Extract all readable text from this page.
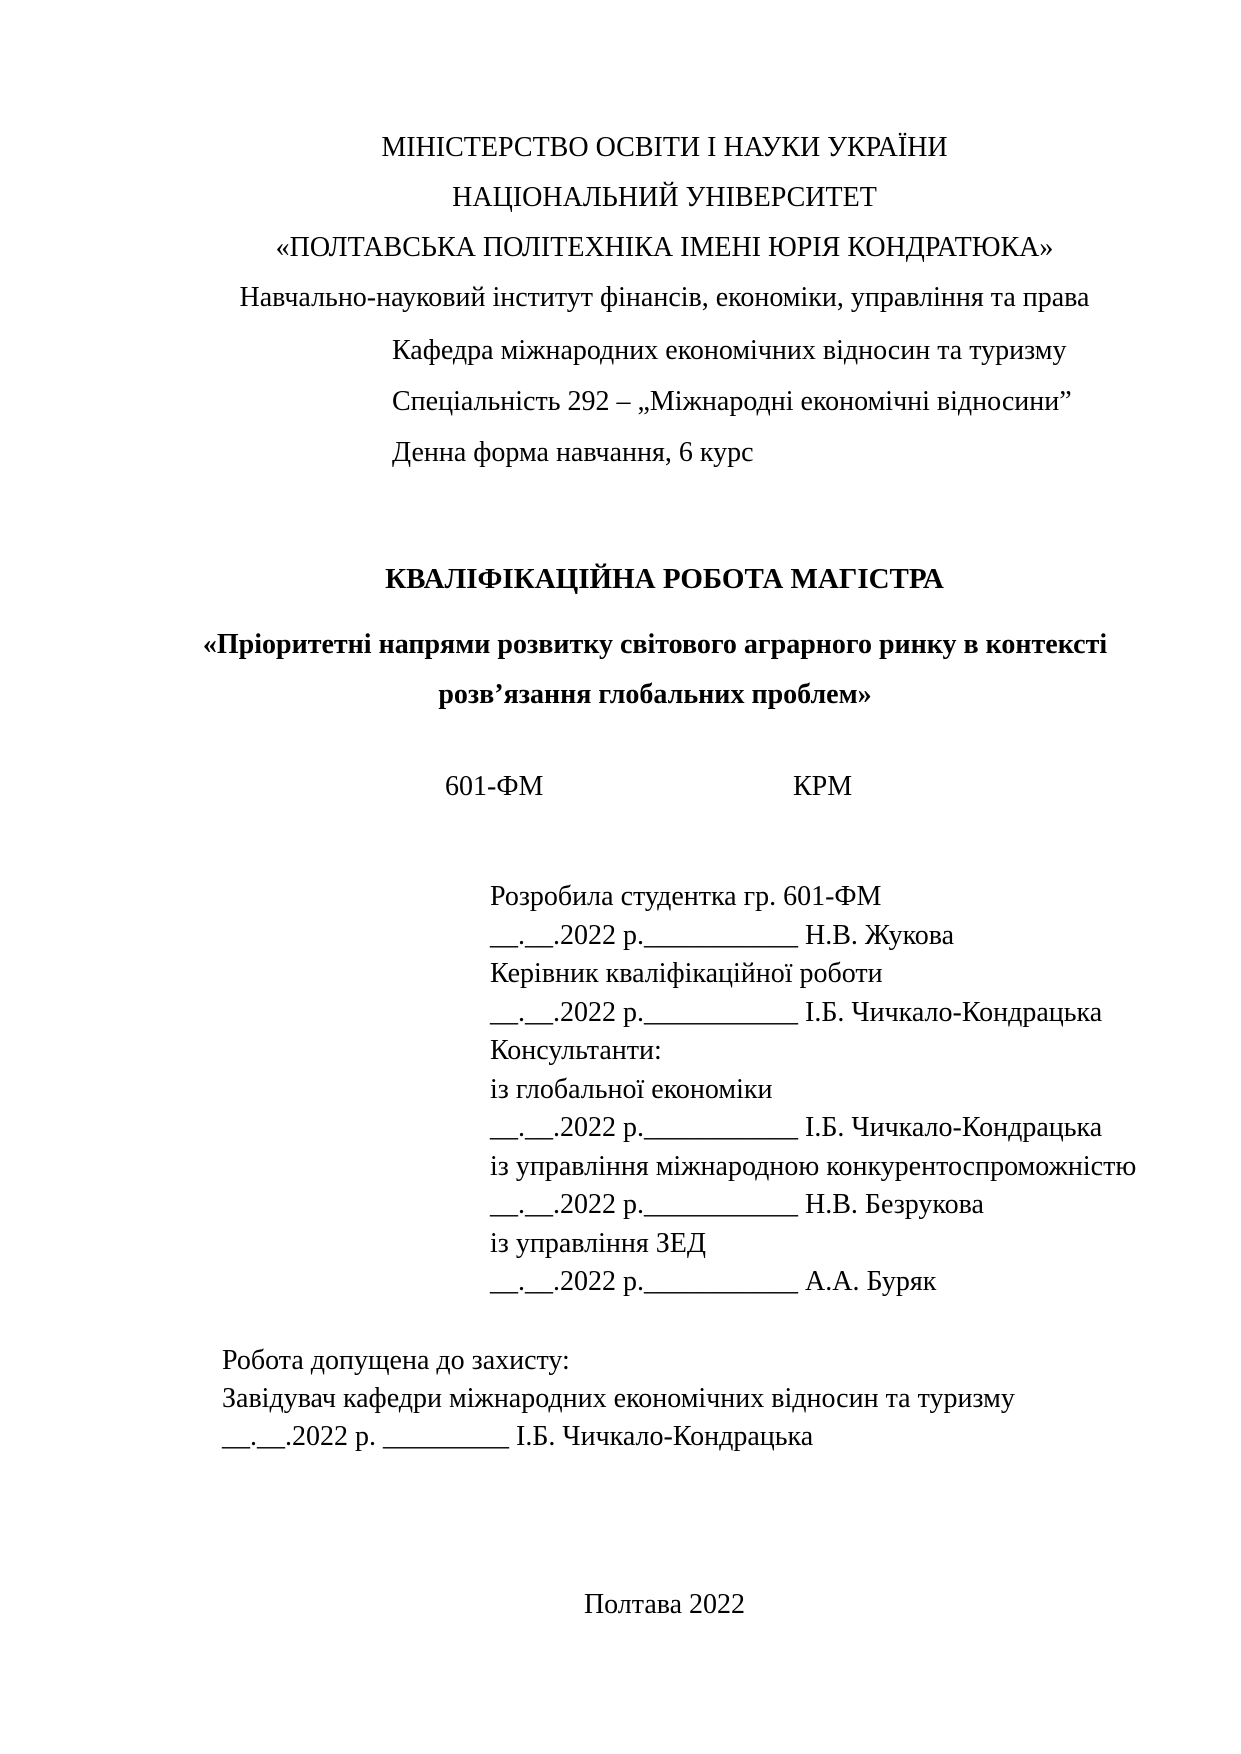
МІНІСТЕРСТВО ОСВІТИ І НАУКИ УКРАЇНИ
НАЦІОНАЛЬНИЙ УНІВЕРСИТЕТ
«ПОЛТАВСЬКА ПОЛІТЕХНІКА ІМЕНІ ЮРІЯ КОНДРАТЮКА»
Навчально-науковий інститут фінансів, економіки, управління та права
Кафедра міжнародних економічних відносин та туризму
Спеціальність 292 – „Міжнародні економічні відносини”
Денна форма навчання, 6 курс
КВАЛІФІКАЦІЙНА РОБОТА МАГІСТРА
«Пріоритетні напрями розвитку світового аграрного ринку в контексті
розв’язання глобальних проблем»
601-ФМ	КРМ
Розробила студентка гр. 601-ФМ
__.__.2022 р.___________ Н.В. Жукова
Керівник кваліфікаційної роботи
__.__.2022 р.___________ І.Б. Чичкало-Кондрацька
Консультанти:
із глобальної економіки
__.__.2022 р.___________ І.Б. Чичкало-Кондрацька
із управління міжнародною конкурентоспроможністю
__.__.2022 р.___________ Н.В. Безрукова
із управління ЗЕД
__.__.2022 р.___________ А.А. Буряк
Робота допущена до захисту:
Завідувач кафедри міжнародних економічних відносин та туризму
__.__.2022 р. _________ І.Б. Чичкало-Кондрацька
Полтава 2022
